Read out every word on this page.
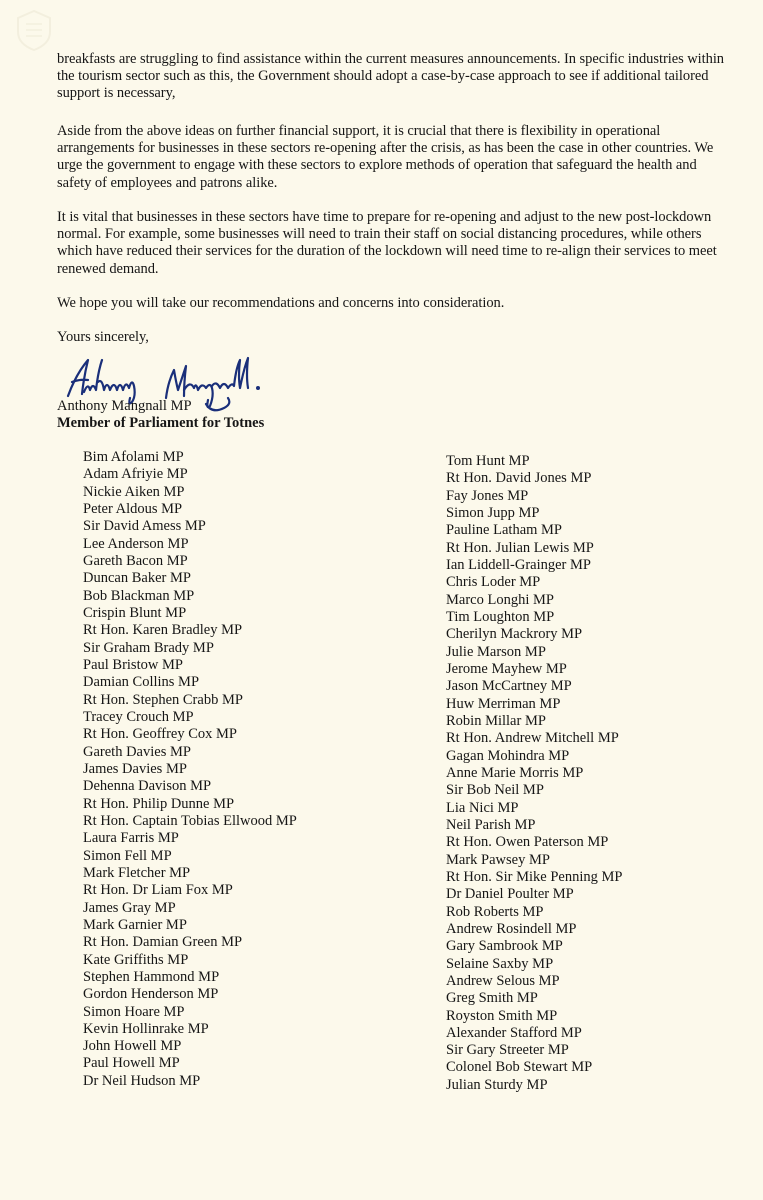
breakfasts are struggling to find assistance within the current measures announcements. In specific industries within the tourism sector such as this, the Government should adopt a case-by-case approach to see if additional tailored support is necessary,

Aside from the above ideas on further financial support, it is crucial that there is flexibility in operational arrangements for businesses in these sectors re-opening after the crisis, as has been the case in other countries. We urge the government to engage with these sectors to explore methods of operation that safeguard the health and safety of employees and patrons alike.

It is vital that businesses in these sectors have time to prepare for re-opening and adjust to the new post-lockdown normal. For example, some businesses will need to train their staff on social distancing procedures, while others which have reduced their services for the duration of the lockdown will need time to re-align their services to meet renewed demand.

We hope you will take our recommendations and concerns into consideration.

Yours sincerely,

Anthony Mangnall MP
Member of Parliament for Totnes
Bim Afolami MP
Adam Afriyie MP
Nickie Aiken MP
Peter Aldous MP
Sir David Amess MP
Lee Anderson MP
Gareth Bacon MP
Duncan Baker MP
Bob Blackman MP
Crispin Blunt MP
Rt Hon. Karen Bradley MP
Sir Graham Brady MP
Paul Bristow MP
Damian Collins MP
Rt Hon. Stephen Crabb MP
Tracey Crouch MP
Rt Hon. Geoffrey Cox MP
Gareth Davies MP
James Davies MP
Dehenna Davison MP
Rt Hon. Philip Dunne MP
Rt Hon. Captain Tobias Ellwood MP
Laura Farris MP
Simon Fell MP
Mark Fletcher MP
Rt Hon. Dr Liam Fox MP
James Gray MP
Mark Garnier MP
Rt Hon. Damian Green MP
Kate Griffiths MP
Stephen Hammond MP
Gordon Henderson MP
Simon Hoare MP
Kevin Hollinrake MP
John Howell MP
Paul Howell MP
Dr Neil Hudson MP
Tom Hunt MP
Rt Hon. David Jones MP
Fay Jones MP
Simon Jupp MP
Pauline Latham MP
Rt Hon. Julian Lewis MP
Ian Liddell-Grainger MP
Chris Loder MP
Marco Longhi MP
Tim Loughton MP
Cherilyn Mackrory MP
Julie Marson MP
Jerome Mayhew MP
Jason McCartney MP
Huw Merriman MP
Robin Millar MP
Rt Hon. Andrew Mitchell MP
Gagan Mohindra MP
Anne Marie Morris MP
Sir Bob Neil MP
Lia Nici MP
Neil Parish MP
Rt Hon. Owen Paterson MP
Mark Pawsey MP
Rt Hon. Sir Mike Penning MP
Dr Daniel Poulter MP
Rob Roberts MP
Andrew Rosindell MP
Gary Sambrook MP
Selaine Saxby MP
Andrew Selous MP
Greg Smith MP
Royston Smith MP
Alexander Stafford MP
Sir Gary Streeter MP
Colonel Bob Stewart MP
Julian Sturdy MP
